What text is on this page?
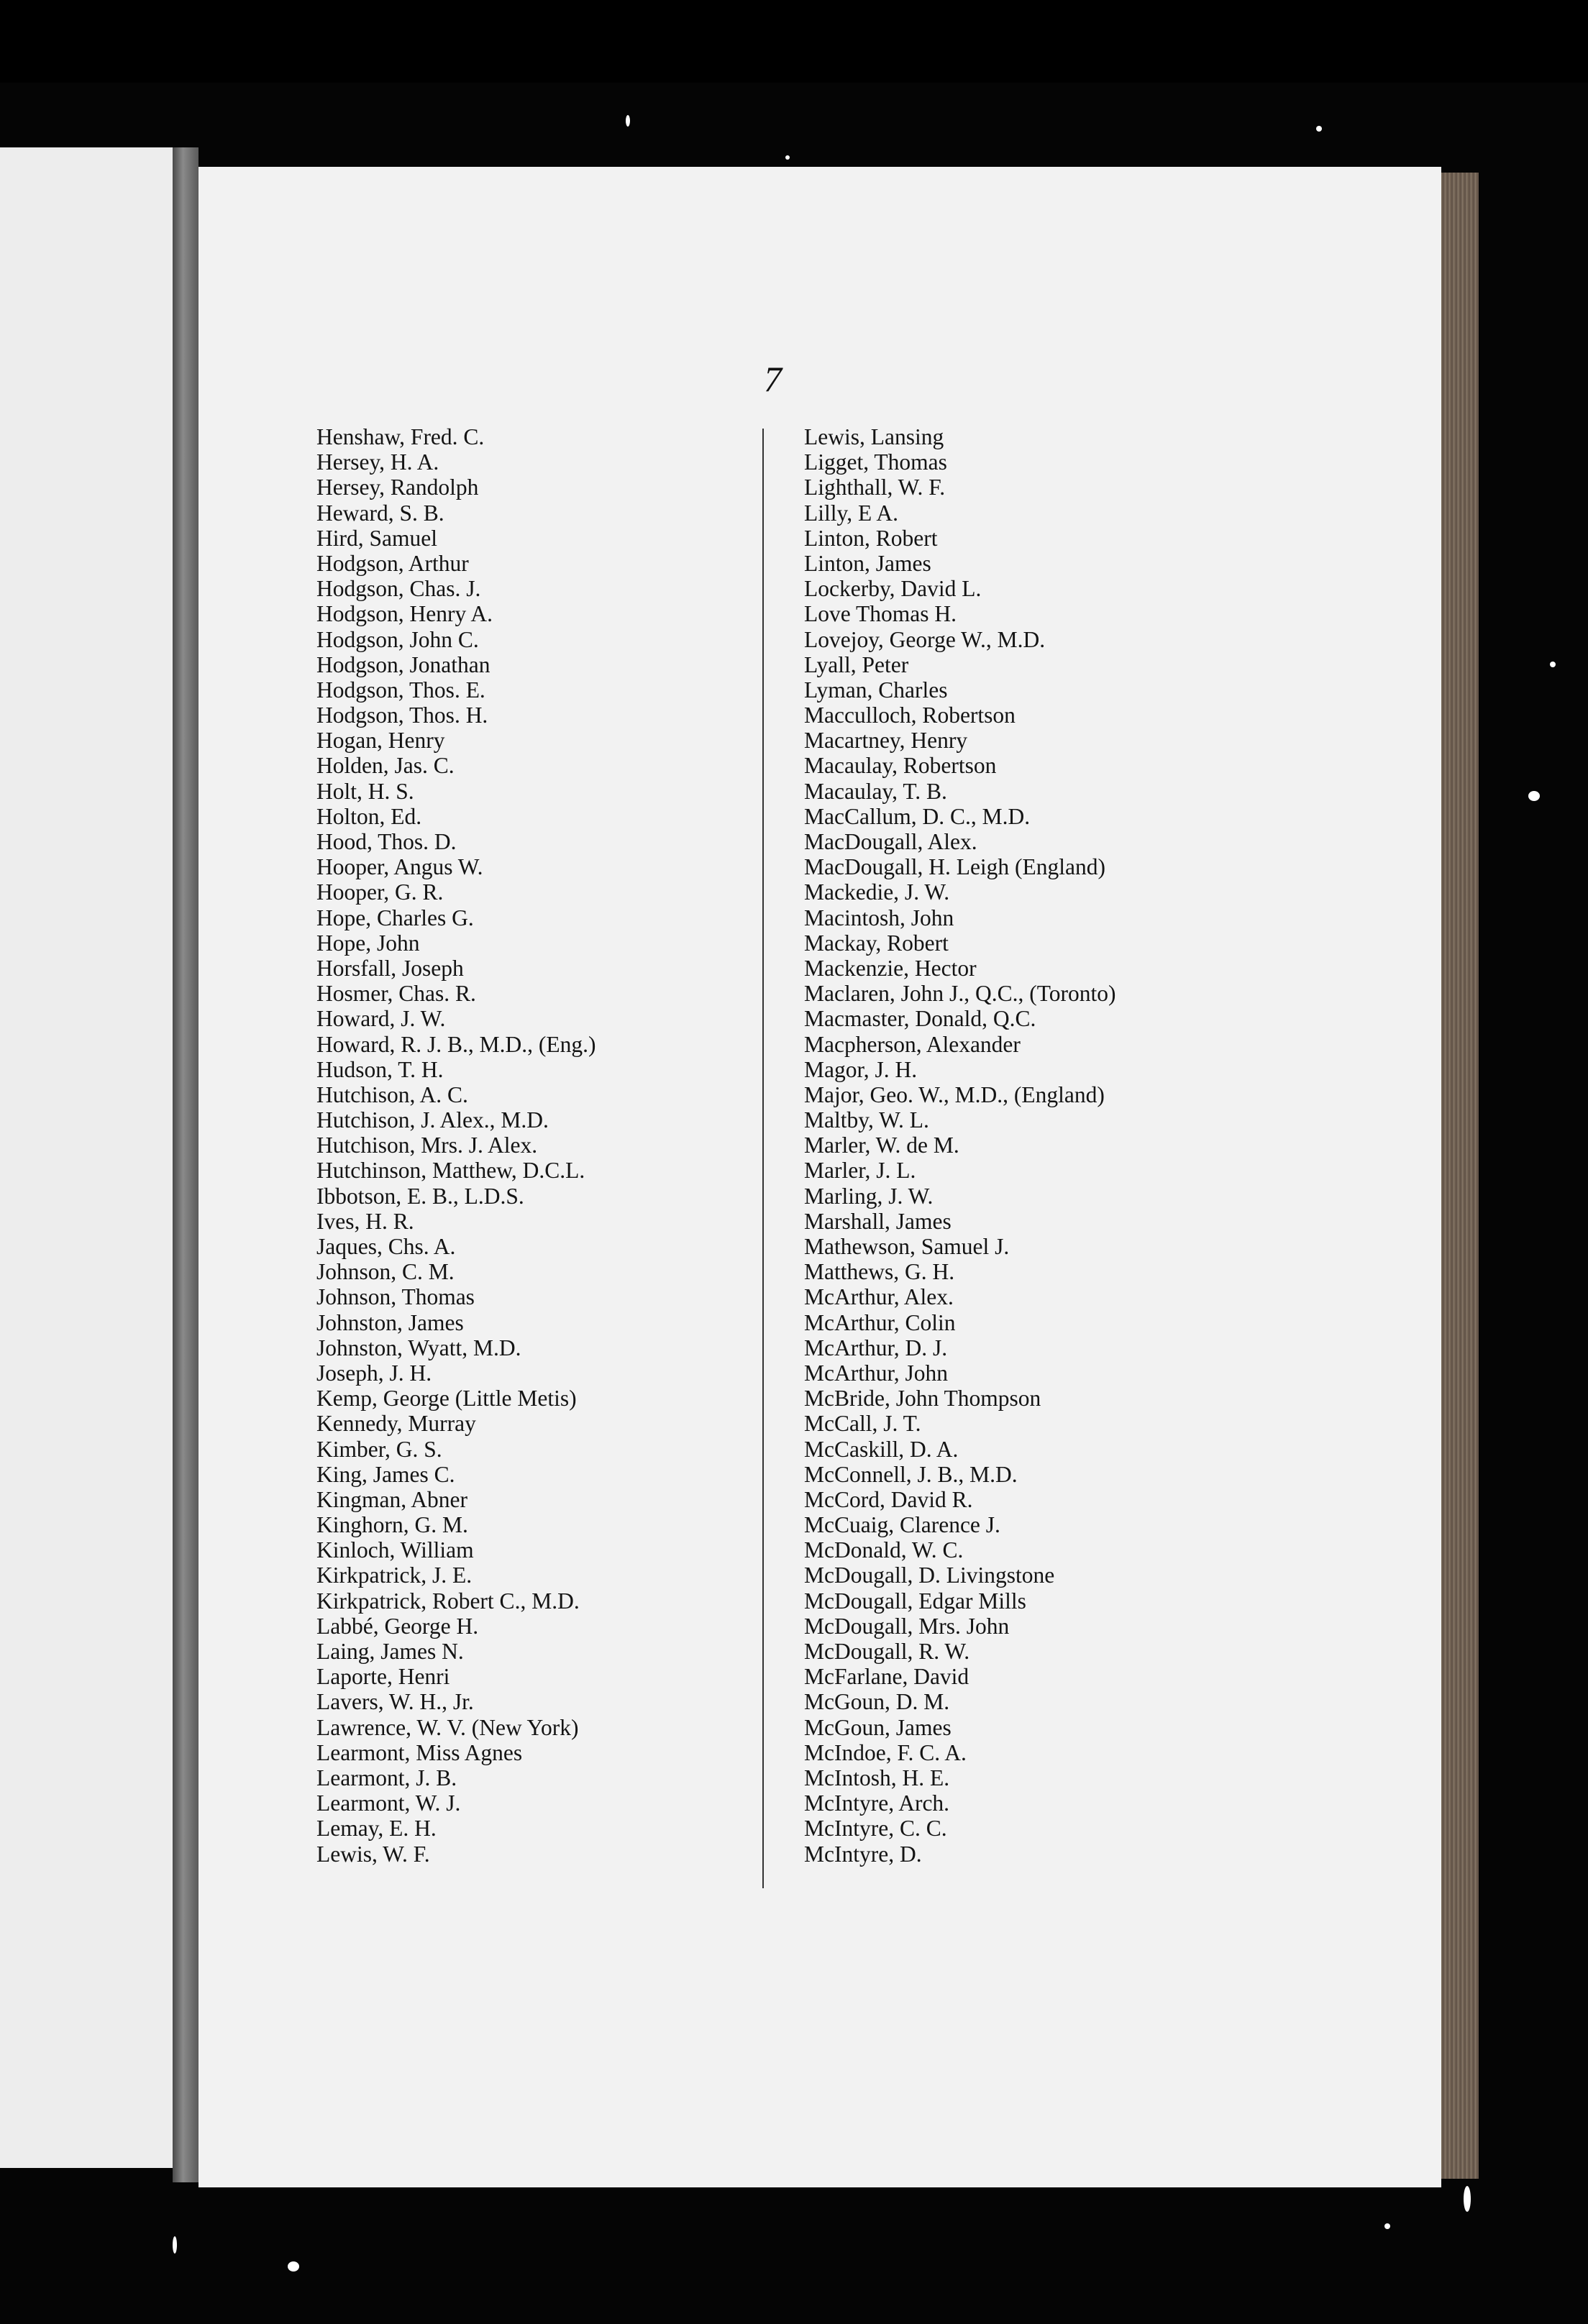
7
Henshaw, Fred. C.
Hersey, H. A.
Hersey, Randolph
Heward, S. B.
Hird, Samuel
Hodgson, Arthur
Hodgson, Chas. J.
Hodgson, Henry A.
Hodgson, John C.
Hodgson, Jonathan
Hodgson, Thos. E.
Hodgson, Thos. H.
Hogan, Henry
Holden, Jas. C.
Holt, H. S.
Holton, Ed.
Hood, Thos. D.
Hooper, Angus W.
Hooper, G. R.
Hope, Charles G.
Hope, John
Horsfall, Joseph
Hosmer, Chas. R.
Howard, J. W.
Howard, R. J. B., M.D., (Eng.)
Hudson, T. H.
Hutchison, A. C.
Hutchison, J. Alex., M.D.
Hutchison, Mrs. J. Alex.
Hutchinson, Matthew, D.C.L.
Ibbotson, E. B., L.D.S.
Ives, H. R.
Jaques, Chs. A.
Johnson, C. M.
Johnson, Thomas
Johnston, James
Johnston, Wyatt, M.D.
Joseph, J. H.
Kemp, George (Little Metis)
Kennedy, Murray
Kimber, G. S.
King, James C.
Kingman, Abner
Kinghorn, G. M.
Kinloch, William
Kirkpatrick, J. E.
Kirkpatrick, Robert C., M.D.
Labbé, George H.
Laing, James N.
Laporte, Henri
Lavers, W. H., Jr.
Lawrence, W. V. (New York)
Learmont, Miss Agnes
Learmont, J. B.
Learmont, W. J.
Lemay, E. H.
Lewis, W. F.
Lewis, Lansing
Ligget, Thomas
Lighthall, W. F.
Lilly, E A.
Linton, Robert
Linton, James
Lockerby, David L.
Love Thomas H.
Lovejoy, George W., M.D.
Lyall, Peter
Lyman, Charles
Macculloch, Robertson
Macartney, Henry
Macaulay, Robertson
Macaulay, T. B.
MacCallum, D. C., M.D.
MacDougall, Alex.
MacDougall, H. Leigh (England)
Mackedie, J. W.
Macintosh, John
Mackay, Robert
Mackenzie, Hector
Maclaren, John J., Q.C., (Toronto)
Macmaster, Donald, Q.C.
Macpherson, Alexander
Magor, J. H.
Major, Geo. W., M.D., (England)
Maltby, W. L.
Marler, W. de M.
Marler, J. L.
Marling, J. W.
Marshall, James
Mathewson, Samuel J.
Matthews, G. H.
McArthur, Alex.
McArthur, Colin
McArthur, D. J.
McArthur, John
McBride, John Thompson
McCall, J. T.
McCaskill, D. A.
McConnell, J. B., M.D.
McCord, David R.
McCuaig, Clarence J.
McDonald, W. C.
McDougall, D. Livingstone
McDougall, Edgar Mills
McDougall, Mrs. John
McDougall, R. W.
McFarlane, David
McGoun, D. M.
McGoun, James
McIndoe, F. C. A.
McIntosh, H. E.
McIntyre, Arch.
McIntyre, C. C.
McIntyre, D.
